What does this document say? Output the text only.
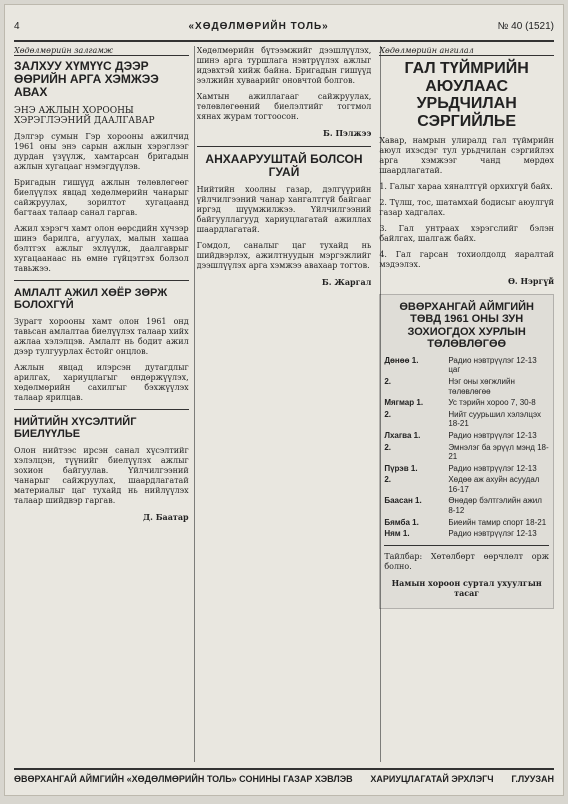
4	«ХӨДӨЛМӨРИЙН ТОЛЬ»	№ 40 (1521)
Хөдөлмөрийн залгамж
ЗАЛХУУ ХҮМҮҮС ДЭЭР ӨӨРИЙН АРГА ХЭМЖЭЭ АВАХ
ЭНЭ АЖЛЫН ХОРООНЫ ХЭРЭГЛЭЭНИЙ ДААЛГАВАР

Дэлгэр сумын Гэр хорооны ажилчид 1961 оны энэ сарын ажлын хэрэглээг дурдан үзүүлж, хамтарсан бригадын ажлын хугацааг нэмэгдүүлэв.

Бригадын гишүүд ажлын төлөвлөгөөг биелүүлэх явцад хөдөлмөрийн чанарыг сайжруулах, зорилтот хугацаанд багтаах талаар санал гаргав.

Ажил хэрэгч хамт олон өөрсдийн хүчээр шинэ барилга, агуулах, малын хашаа бэлтгэх ажлыг эхлүүлж, даалгаврыг хугацаанаас нь өмнө гүйцэтгэх болзол тавьжээ.

АМЛАЛТ АЖИЛ ХӨЁР ЗӨРЖ БОЛОХГҮЙ

Зурагт хорооны хамт олон 1961 онд тавьсан амлалтаа биелүүлэх талаар хийх ажлаа хэлэлцэв. Амлалт нь бодит ажил дээр тулгуурлах ёстойг онцлов.

Ажлын явцад илэрсэн дутагдлыг арилгах, хариуцлагыг өндөржүүлэх, хөдөлмөрийн сахилгыг бэхжүүлэх талаар ярилцав.

НИЙТИЙН ХҮСЭЛТИЙГ БИЕЛҮҮЛЬЕ

Олон нийтээс ирсэн санал хүсэлтийг хэлэлцэн, түүнийг биелүүлэх ажлыг зохион байгуулав. Үйлчилгээний чанарыг сайжруулах, шаардлагатай материалыг цаг тухайд нь нийлүүлэх талаар шийдвэр гаргав.

Д. Баатар

Хөдөлмөрийн бүтээмжийг дээшлүүлэх, шинэ арга туршлага нэвтрүүлэх ажлыг идэвхтэй хийж байна. Бригадын гишүүд ээлжийн хуваарийг оновчтой болгов.

Хамтын ажиллагааг сайжруулах, төлөвлөгөөний биелэлтийг тогтмол хянах журам тогтоосон.

Б. Пэлжээ
АНХААРУУШТАЙ БОЛСОН ГУАЙ

Нийтийн хоолны газар, дэлгүүрийн үйлчилгээний чанар хангалтгүй байгааг иргэд шүүмжилжээ. Үйлчилгээний байгууллагууд хариуцлагатай ажиллах шаардлагатай.

Гомдол, саналыг цаг тухайд нь шийдвэрлэх, ажилтнуудын мэргэжлийг дээшлүүлэх арга хэмжээ авахаар тогтов.

Б. Жаргал
Хөдөлмөрийн ангилал
ГАЛ ТҮЙМРИЙН АЮУЛААС УРЬДЧИЛАН СЭРГИЙЛЬЕ

Хавар, намрын улиралд гал түймрийн аюул ихэсдэг тул урьдчилан сэргийлэх арга хэмжээг чанд мөрдөх шаардлагатай.

1. Галыг хараа хяналтгүй орхихгүй байх.

2. Түлш, тос, шатамхай бодисыг аюулгүй газар хадгалах.

3. Гал унтраах хэрэгслийг бэлэн байлгах, шалгаж байх.

4. Гал гарсан тохиолдолд яаралтай мэдээлэх.

Ө. Нэргүй
ӨВӨРХАНГАЙ АЙМГИЙН ТӨВД 1961 ОНЫ ЗУН ЗОХИОГДОХ ХУРЛЫН ТӨЛӨВЛӨГӨӨ
Дөнөө 1.	Радио нэвтрүүлэг 12-13 цаг
2.	Нэг оны хөгжлийн төлөвлөгөө
Мягмар 1.	Ус тэрийн хороо 7, 30-8
2.	Нийт суурьшил хэлэлцэх 18-21
Лхагва 1.	Радио нэвтрүүлэг 12-13
2.	Эмнэлэг ба эрүүл мэнд 18-21
Пүрэв 1.	Радио нэвтрүүлэг 12-13
2.	Хөдөө аж ахуйн асуудал 16-17
Баасан 1.	Өнөдөр бэлтгэлийн ажил 8-12
Бямба 1.	Биеийн тамир спорт 18-21
Ням 1.	Радио нэвтрүүлэг 12-13
Тайлбар: Хөтөлбөрт өөрчлөлт орж болно.
Намын хороон суртал ухуулгын тасаг
ӨВӨРХАНГАЙ АЙМГИЙН «ХӨДӨЛМӨРИЙН ТОЛЬ» СОНИНЫ ГАЗАР ХЭВЛЭВ ХАРИУЦЛАГАТАЙ ЭРХЛЭГЧ Г.ЛУУЗАН
